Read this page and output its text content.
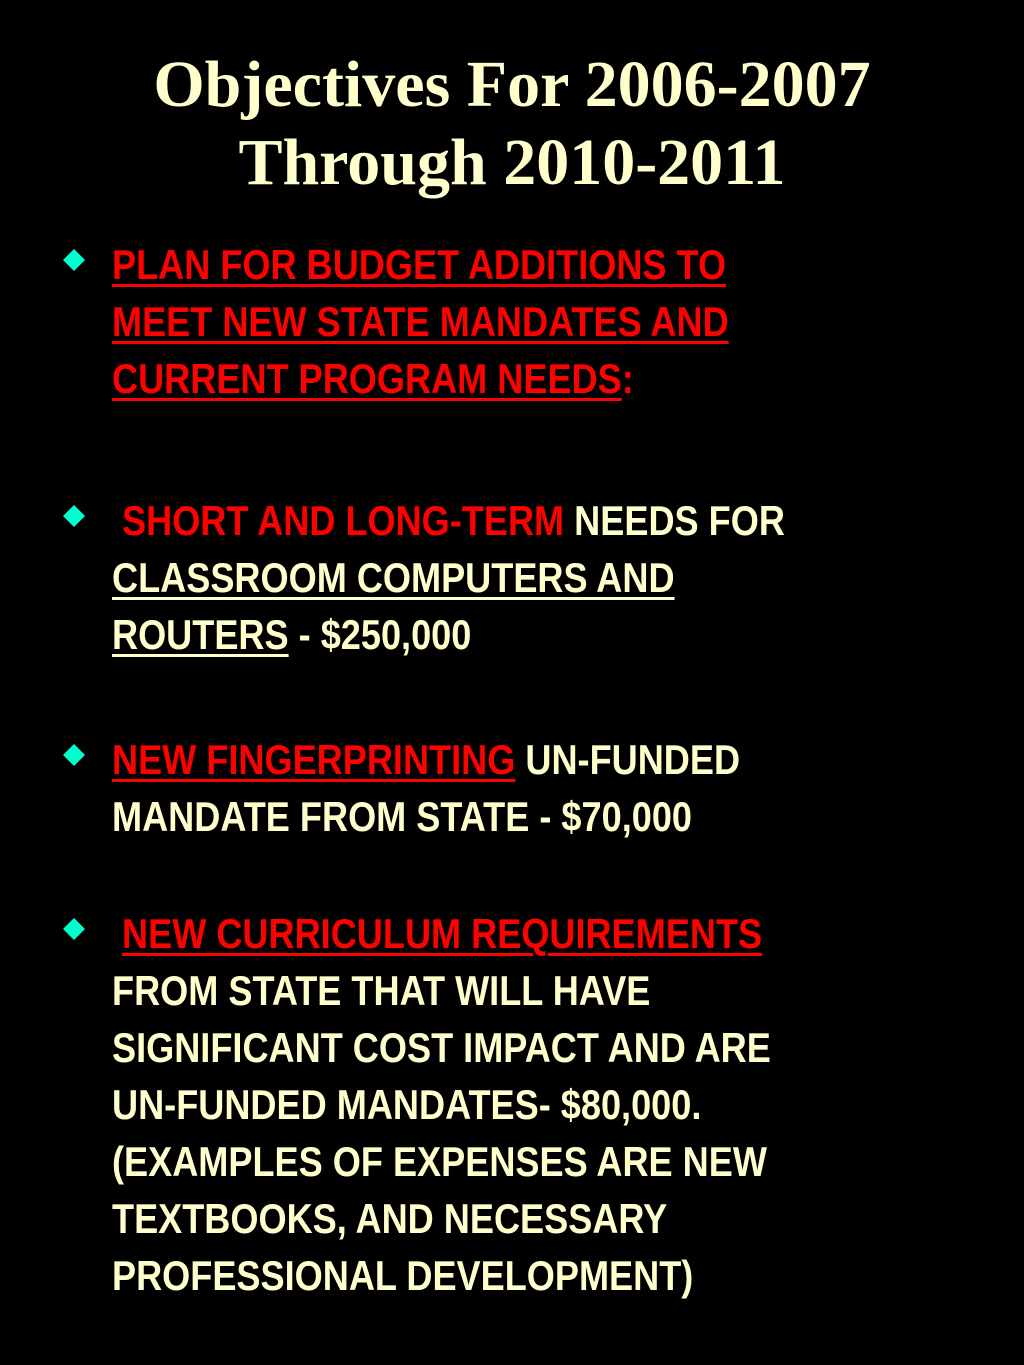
Objectives For 2006-2007
Through 2010-2011
PLAN FOR BUDGET ADDITIONS TO
MEET NEW STATE MANDATES AND
CURRENT PROGRAM NEEDS:
SHORT AND LONG-TERM NEEDS FOR
CLASSROOM COMPUTERS AND
ROUTERS - $250,000
NEW FINGERPRINTING UN-FUNDED
MANDATE FROM STATE - $70,000
NEW CURRICULUM REQUIREMENTS
FROM STATE THAT WILL HAVE
SIGNIFICANT COST IMPACT AND ARE
UN-FUNDED MANDATES- $80,000.
(EXAMPLES OF EXPENSES ARE NEW
TEXTBOOKS, AND NECESSARY
PROFESSIONAL DEVELOPMENT)
